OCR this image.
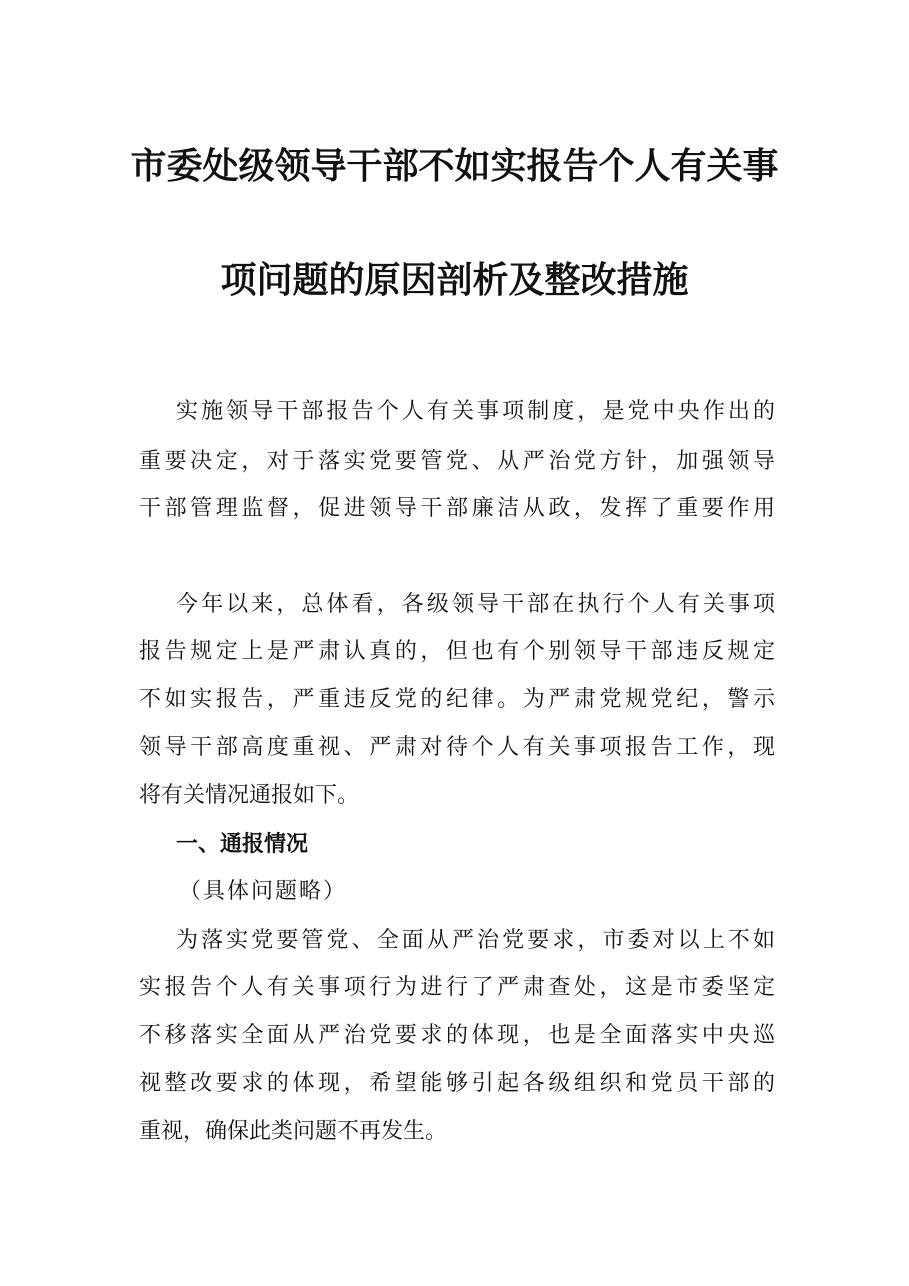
市委处级领导干部不如实报告个人有关事
项问题的原因剖析及整改措施
实施领导干部报告个人有关事项制度，是党中央作出的
重要决定，对于落实党要管党、从严治党方针，加强领导
干部管理监督，促进领导干部廉洁从政，发挥了重要作用
今年以来，总体看，各级领导干部在执行个人有关事项
报告规定上是严肃认真的，但也有个别领导干部违反规定
不如实报告，严重违反党的纪律。为严肃党规党纪，警示
领导干部高度重视、严肃对待个人有关事项报告工作，现
将有关情况通报如下。
一、通报情况
（具体问题略）
为落实党要管党、全面从严治党要求，市委对以上不如
实报告个人有关事项行为进行了严肃查处，这是市委坚定
不移落实全面从严治党要求的体现，也是全面落实中央巡
视整改要求的体现，希望能够引起各级组织和党员干部的
重视，确保此类问题不再发生。
